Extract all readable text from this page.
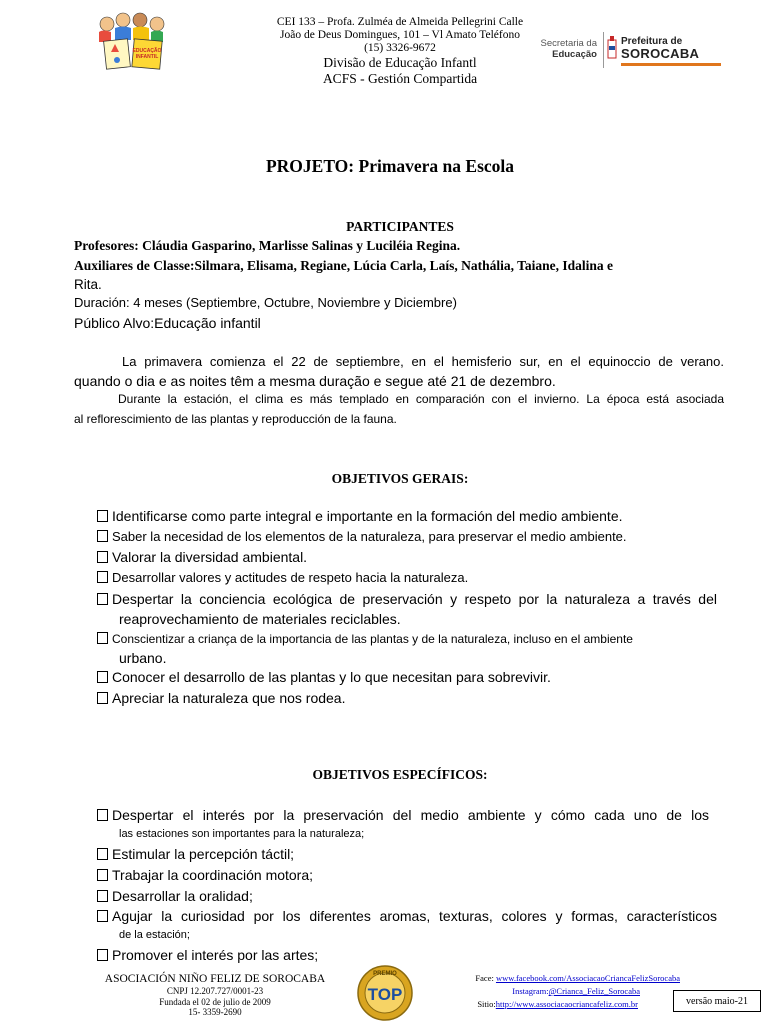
EDUCAÇÃO
INFANTIL
CEI 133 – Profa. Zulméa de Almeida Pellegrini Calle
João de Deus Domingues, 101 – Vl Amato Teléfono
(15) 3326-9672
Divisão de Educação Infantl
ACFS - Gestión Compartida
Secretaria da
Educação
Prefeitura de
SOROCABA
PROJETO: Primavera na Escola
PARTICIPANTES
Profesores: Cláudia Gasparino, Marlisse Salinas y Luciléia Regina.
Auxiliares de Classe:Silmara, Elisama, Regiane, Lúcia Carla, Laís, Nathália, Taiane, Idalina e
Rita.
Duración: 4 meses (Septiembre, Octubre, Noviembre y Diciembre)
Público Alvo:Educação infantil
La primavera comienza el 22 de septiembre, en el hemisferio sur, en el equinoccio de verano.
quando o dia e as noites têm a mesma duração e segue até 21 de dezembro.
Durante la estación, el clima es más templado en comparación con el invierno. La época está asociada
al reflorescimiento de las plantas y reproducción de la fauna.
OBJETIVOS GERAIS:
Identificarse como parte integral e importante en la formación del medio ambiente.
Saber la necesidad de los elementos de la naturaleza, para preservar el medio ambiente.
Valorar la diversidad ambiental.
Desarrollar valores y actitudes de respeto hacia la naturaleza.
Despertar la conciencia ecológica de preservación y respeto por la naturaleza a través del
reaprovechamiento de materiales reciclables.
Conscientizar a criança de la importancia de las plantas y de la naturaleza, incluso en el ambiente
urbano.
Conocer el desarrollo de las plantas y lo que necesitan para sobrevivir.
Apreciar la naturaleza que nos rodea.
OBJETIVOS ESPECÍFICOS:
Despertar el interés por la preservación del medio ambiente y cómo cada uno de los
las estaciones son importantes para la naturaleza;
Estimular la percepción táctil;
Trabajar la coordinación motora;
Desarrollar la oralidad;
Agujar la curiosidad por los diferentes aromas, texturas, colores y formas, característicos
de la estación;
Promover el interés por las artes;
ASOCIACIÓN NIÑO FELIZ DE SOROCABA
CNPJ 12.207.727/0001-23
Fundada el 02 de julio de 2009
15- 3359-2690
PREMIO
TOP
Face: www.facebook.com/AssociacaoCriancaFelizSorocaba
Instagram:@Crianca_Feliz_Sorocaba
Sitio:http://www.associacaocriancafeliz.com.br	versão maio-21
